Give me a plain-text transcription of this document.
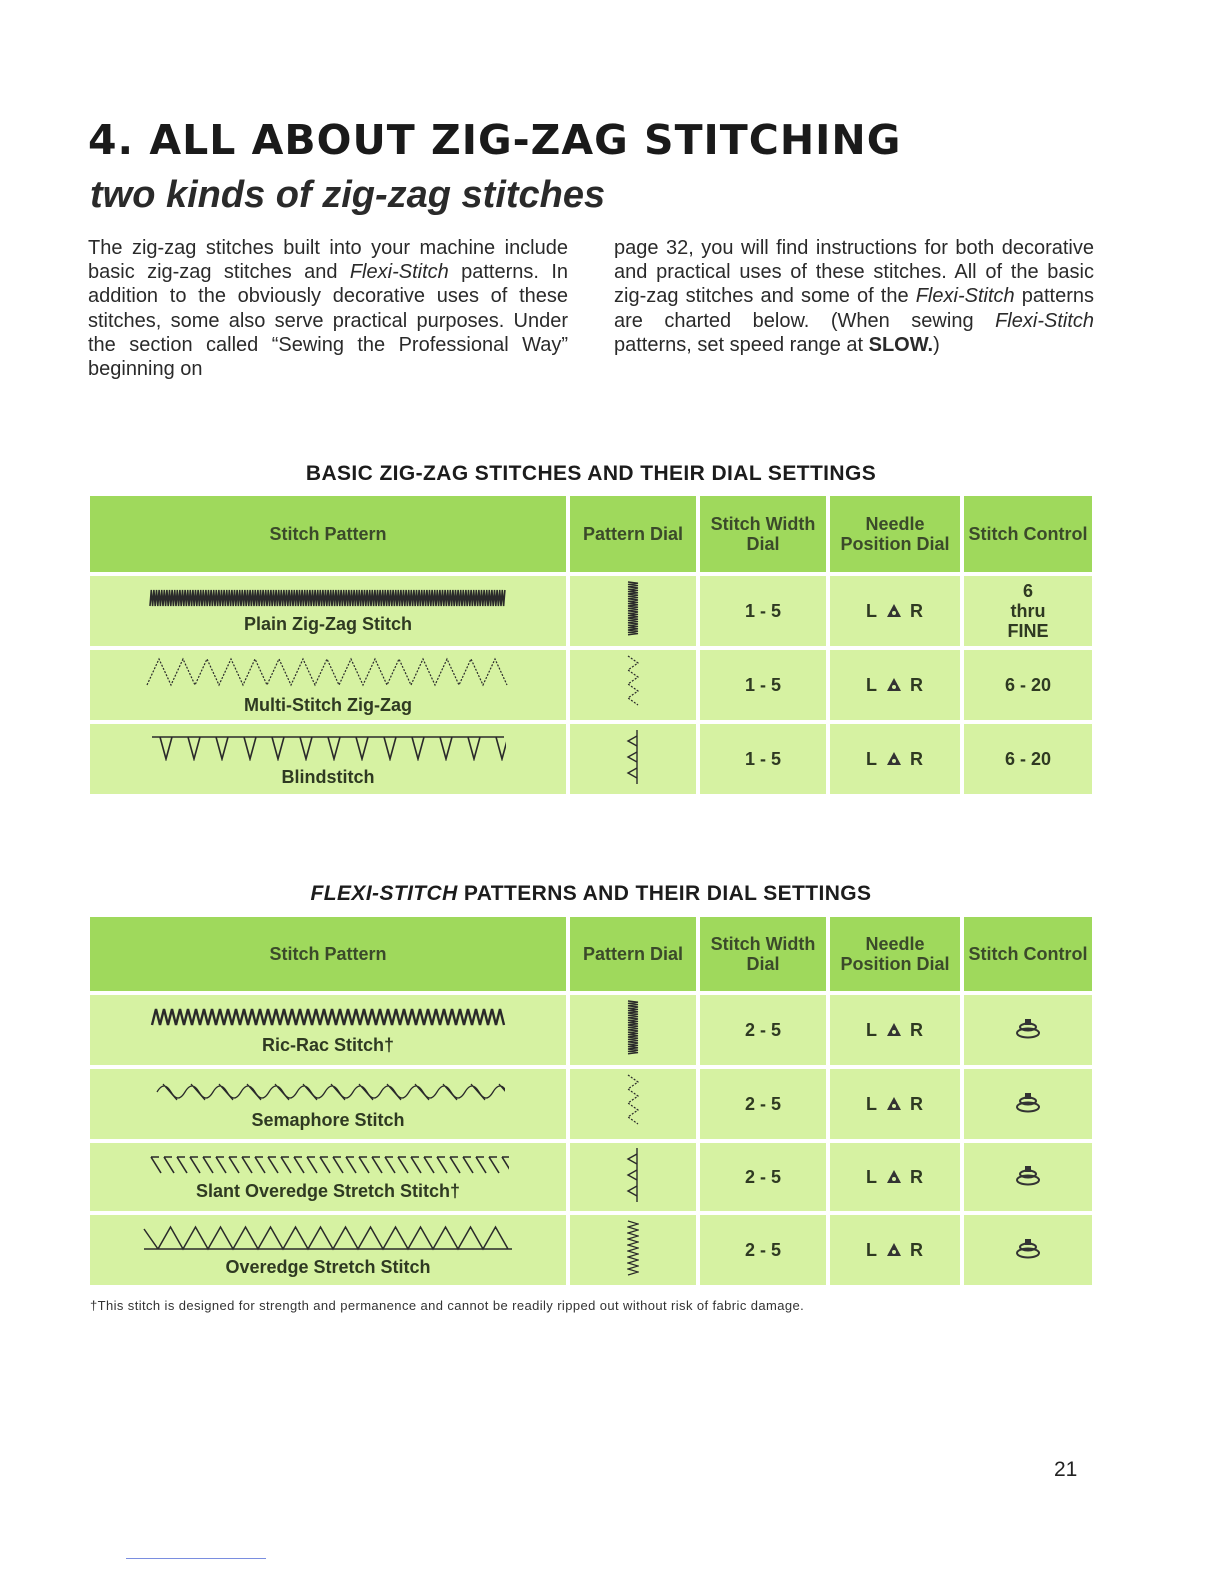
4. ALL ABOUT ZIG-ZAG STITCHING
two kinds of zig-zag stitches

The zig-zag stitches built into your machine include basic zig-zag stitches and Flexi-Stitch patterns. In addition to the obviously decorative uses of these stitches, some also serve practical purposes. Under the section called “Sewing the Professional Way” beginning on

page 32, you will find instructions for both decorative and practical uses of these stitches. All of the basic zig-zag stitches and some of the Flexi-Stitch patterns are charted below. (When sewing Flexi-Stitch patterns, set speed range at SLOW.)

BASIC ZIG-ZAG STITCHES AND THEIR DIAL SETTINGS
Stitch Pattern	Pattern Dial	Stitch Width Dial	Needle Position Dial	Stitch Control

Plain Zig-Zag Stitch		1 - 5	L R	6
thru
FINE

Multi-Stitch Zig-Zag		1 - 5	L R	6 - 20

Blindstitch		1 - 5	L R	6 - 20
FLEXI-STITCH PATTERNS AND THEIR DIAL SETTINGS
Stitch Pattern	Pattern Dial	Stitch Width Dial	Needle Position Dial	Stitch Control

Ric-Rac Stitch†		2 - 5	L R	

Semaphore Stitch		2 - 5	L R	

Slant Overedge Stretch Stitch†		2 - 5	L R	

Overedge Stretch Stitch		2 - 5	L R	

†This stitch is designed for strength and permanence and cannot be readily ripped out without risk of fabric damage.

21
